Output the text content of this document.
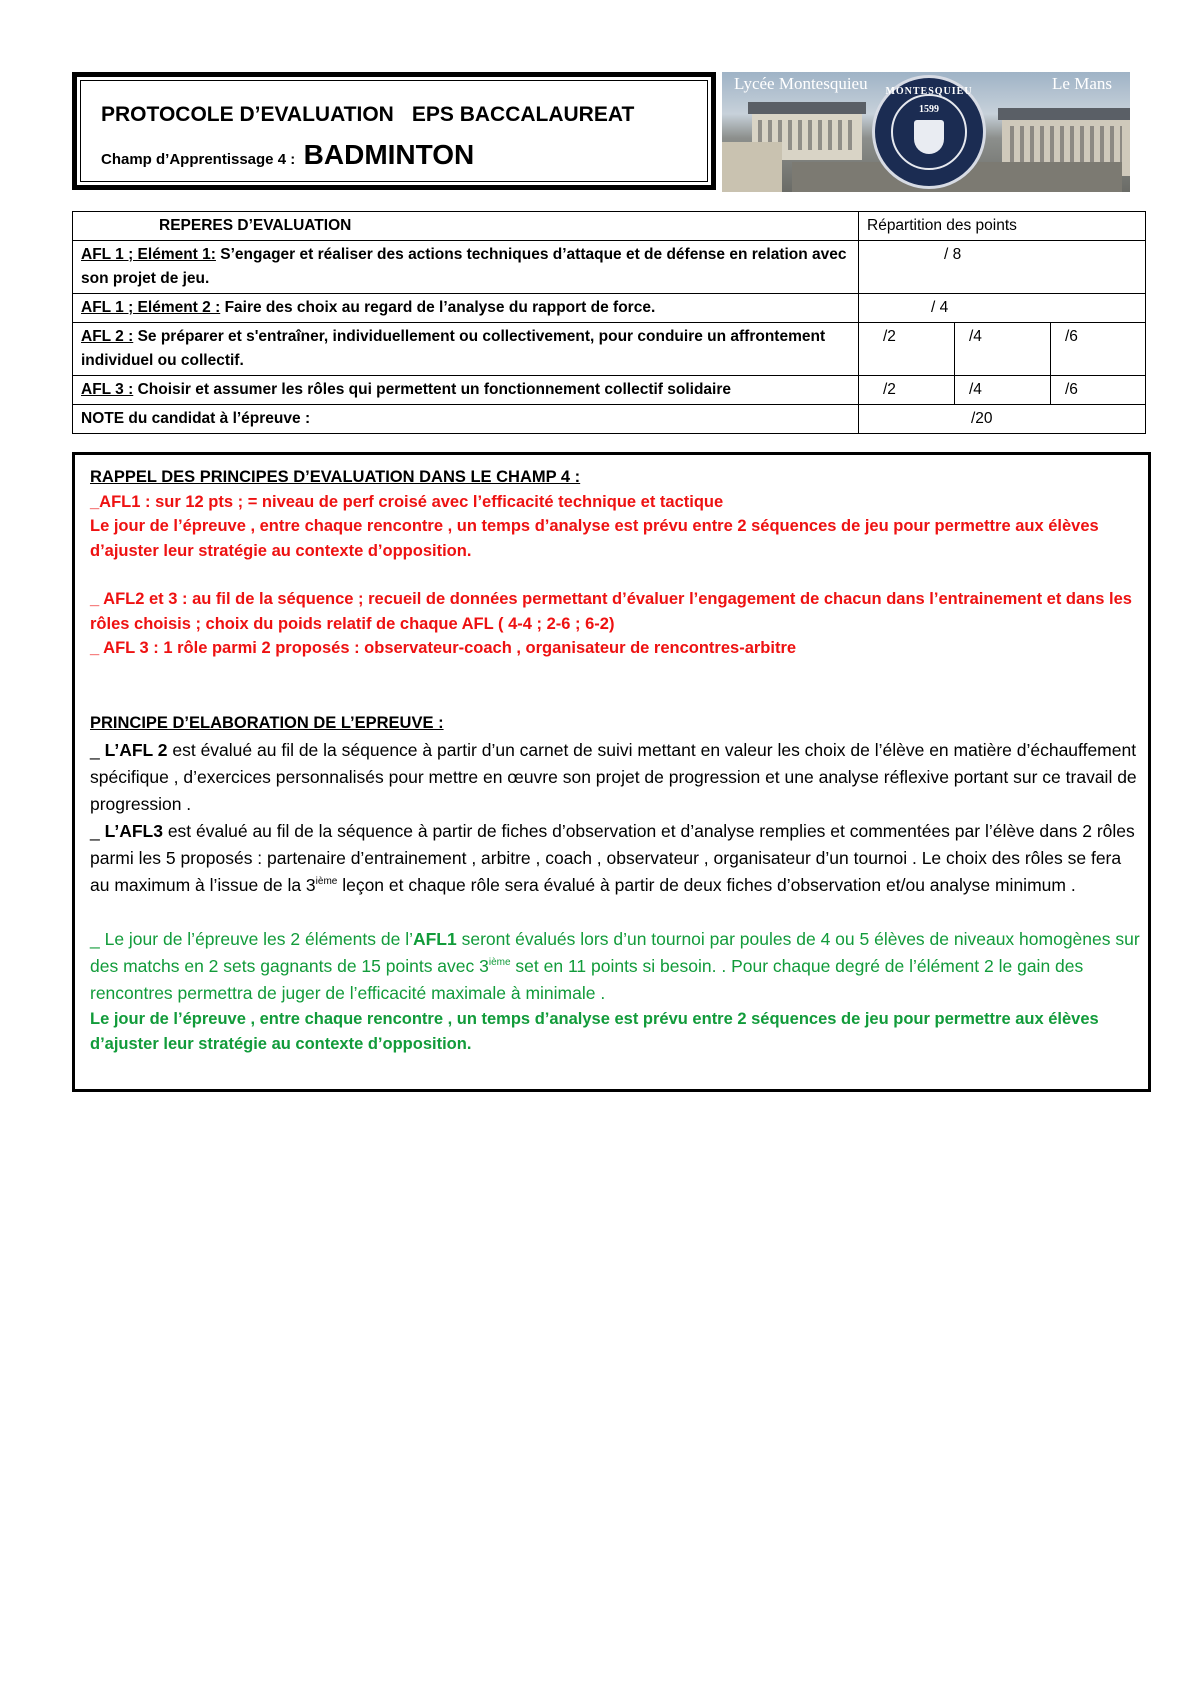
PROTOCOLE D’EVALUATION EPS BACCALAUREAT
Champ d’Apprentissage 4 : BADMINTON
Lycée Montesquieu	Le Mans
MONTESQUIEU
1599
REPERES D’EVALUATION	Répartition des points		
AFL 1 ; Elément 1: S’engager et réaliser des actions techniques d’attaque et de défense en relation avec son projet de jeu.	/ 8		
AFL 1 ; Elément 2 : Faire des choix au regard de l’analyse du rapport de force.	/ 4		
AFL 2 : Se préparer et s'entraîner, individuellement ou collectivement, pour conduire un affrontement individuel ou collectif.	/2	/4	/6
AFL 3 : Choisir et assumer les rôles qui permettent un fonctionnement collectif solidaire	/2	/4	/6
NOTE du candidat à l’épreuve :	/20		
RAPPEL DES PRINCIPES D’EVALUATION DANS LE CHAMP 4 :
_AFL1 : sur 12 pts ; = niveau de perf croisé avec l’efficacité technique et tactique
Le jour de l’épreuve , entre chaque rencontre , un temps d’analyse est prévu entre 2 séquences de jeu pour permettre aux élèves d’ajuster leur stratégie au contexte d’opposition.
_ AFL2 et 3 : au fil de la séquence ; recueil de données permettant d’évaluer l’engagement de chacun dans l’entrainement et dans les rôles choisis ; choix du poids relatif de chaque AFL ( 4-4 ; 2-6 ; 6-2)
_ AFL 3 : 1 rôle parmi 2 proposés : observateur-coach , organisateur de rencontres-arbitre
PRINCIPE D’ELABORATION DE L’EPREUVE :
_ L’AFL 2 est évalué au fil de la séquence à partir d’un carnet de suivi mettant en valeur les choix de l’élève en matière d’échauffement spécifique , d’exercices personnalisés pour mettre en œuvre son projet de progression et une analyse réflexive portant sur ce travail de progression .
_ L’AFL3 est évalué au fil de la séquence à partir de fiches d’observation et d’analyse remplies et commentées par l’élève dans 2 rôles parmi les 5 proposés : partenaire d’entrainement , arbitre , coach , observateur , organisateur d’un tournoi . Le choix des rôles se fera au maximum à l’issue de la 3ième leçon et chaque rôle sera évalué à partir de deux fiches d’observation et/ou analyse minimum .
_ Le jour de l’épreuve les 2 éléments de l’AFL1 seront évalués lors d’un tournoi par poules de 4 ou 5 élèves de niveaux homogènes sur des matchs en 2 sets gagnants de 15 points avec 3ième set en 11 points si besoin. . Pour chaque degré de l’élément 2 le gain des rencontres permettra de juger de l’efficacité maximale à minimale .
Le jour de l’épreuve , entre chaque rencontre , un temps d’analyse est prévu entre 2 séquences de jeu pour permettre aux élèves d’ajuster leur stratégie au contexte d’opposition.
